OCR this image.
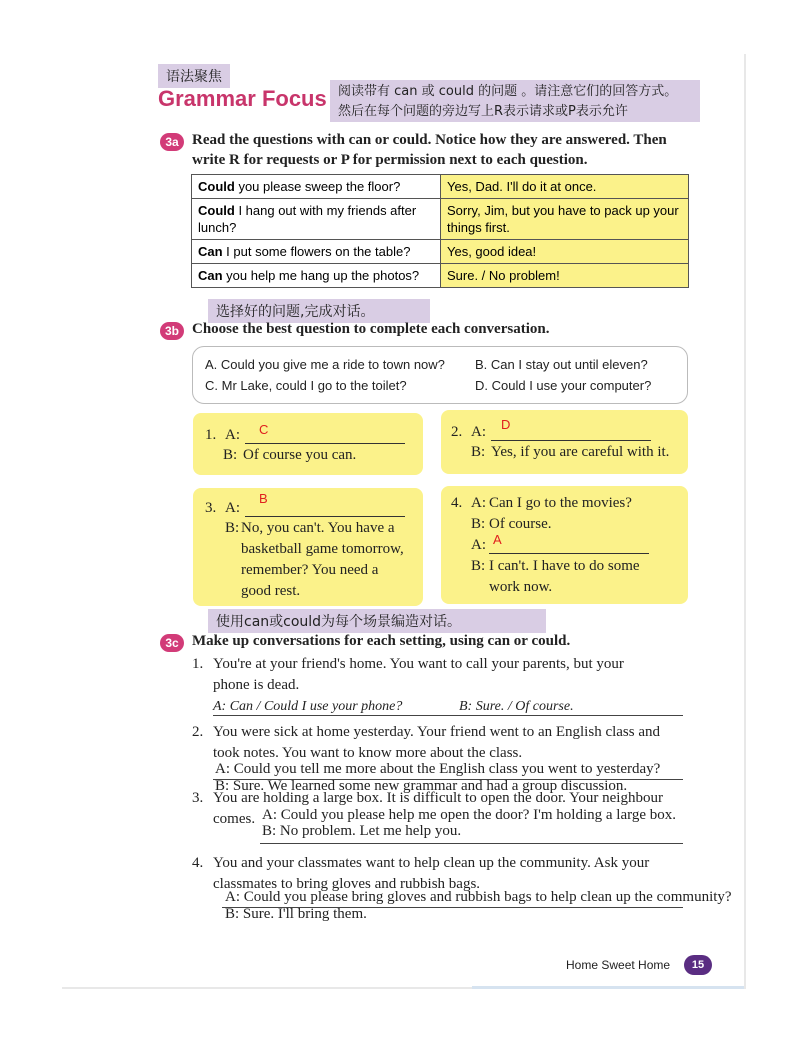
语法聚焦
Grammar Focus 阅读带有 can 或 could 的问题 。请注意它们的回答方式。
然后在每个问题的旁边写上R表示请求或P表示允许
3a Read the questions with can or could. Notice how they are answered. Then
write R for requests or P for permission next to each question.
Could you please sweep the floor?	Yes, Dad. I'll do it at once.
Could I hang out with my friends after lunch?	Sorry, Jim, but you have to pack up your things first.
Can I put some flowers on the table?	Yes, good idea!
Can you help me hang up the photos?	Sure. / No problem!
选择好的问题,完成对话。
3b Choose the best question to complete each conversation.
A. Could you give me a ride to town now? B. Can I stay out until eleven?
C. Mr Lake, could I go to the toilet?	D. Could I use your computer?
1. A: C
B: Of course you can.
2. A: D
B: Yes, if you are careful with it.
3. A:
B
B: No, you can't. You have a
basketball game tomorrow,
remember? You need a
good rest.
4. A: Can I go to the movies?
B: Of course.
A: A
B: I can't. I have to do some
work now.
使用can或could为每个场景编造对话。
3c Make up conversations for each setting, using can or could.
1. You're at your friend's home. You want to call your parents, but your
phone is dead.
A: Can / Could I use your phone?	B: Sure. / Of course.
2. You were sick at home yesterday. Your friend went to an English class and
took notes. You want to know more about the class.
A: Could you tell me more about the English class you went to yesterday?
B: Sure. We learned some new grammar and had a group discussion.
3. You are holding a large box. It is difficult to open the door. Your neighbour
comes. A: Could you please help me open the door? I'm holding a large box.
B: No problem. Let me help you.
4. You and your classmates want to help clean up the community. Ask your
classmates to bring gloves and rubbish bags.
A: Could you please bring gloves and rubbish bags to help clean up the community?
B: Sure. I'll bring them.
Home Sweet Home	15
